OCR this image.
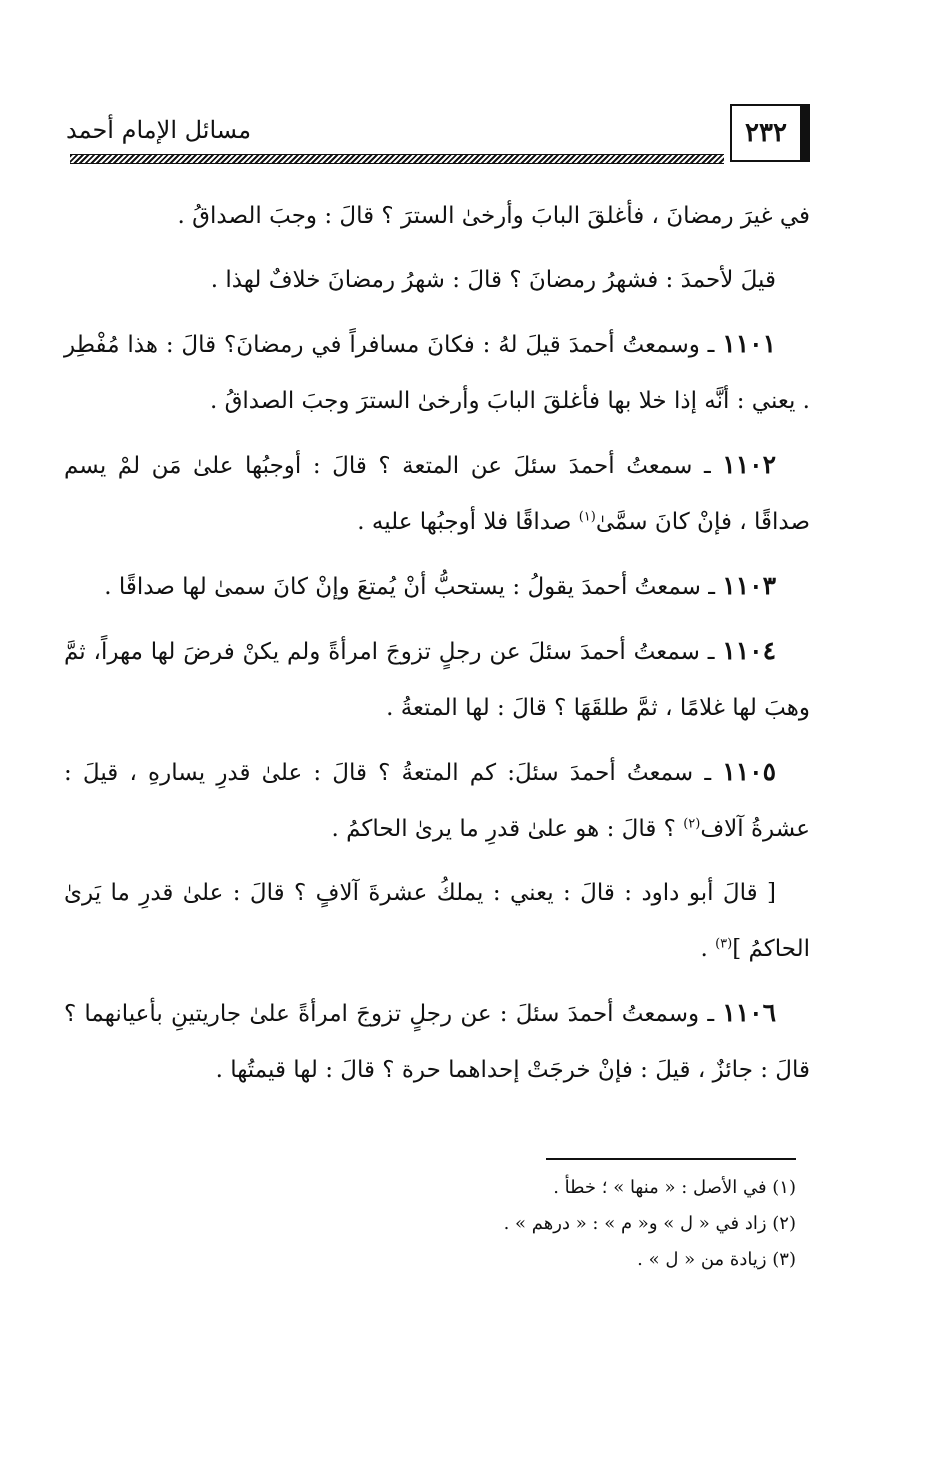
٢٣٢
مسائل الإمام أحمد

في غيرَ رمضانَ ، فأغلقَ البابَ وأرخىٰ السترَ ؟ قالَ : وجبَ الصداقُ .

قيلَ لأحمدَ : فشهرُ رمضانَ ؟ قالَ : شهرُ رمضانَ خلافٌ لهذا .

١١٠١ ـ وسمعتُ أحمدَ قيلَ لهُ : فكانَ مسافراً في رمضانَ؟ قالَ : هذا مُفْطِر . يعني : أنَّه إذا خلا بها فأغلقَ البابَ وأرخىٰ السترَ وجبَ الصداقُ .

١١٠٢ ـ سمعتُ أحمدَ سئلَ عن المتعة ؟ قالَ : أوجبُها علىٰ مَن لمْ يسم صداقًا ، فإنْ كانَ سمَّىٰ$^{(١)}$ صداقًا فلا أوجبُها عليه .

١١٠٣ ـ سمعتُ أحمدَ يقولُ : يستحبُّ أنْ يُمتعَ وإنْ كانَ سمىٰ لها صداقًا .

١١٠٤ ـ سمعتُ أحمدَ سئلَ عن رجلٍ تزوجَ امرأةً ولم يكنْ فرضَ لها مهراً، ثمَّ وهبَ لها غلامًا ، ثمَّ طلقَهَا ؟ قالَ : لها المتعةُ .

١١٠٥ ـ سمعتُ أحمدَ سئلَ: كم المتعةُ ؟ قالَ : علىٰ قدرِ يسارهِ ، قيلَ : عشرةُ آلاف$^{(٢)}$ ؟ قالَ : هو علىٰ قدرِ ما يرىٰ الحاكمُ .

[ قالَ أبو داود : قالَ : يعني : يملكُ عشرةَ آلافٍ ؟ قالَ : علىٰ قدرِ ما يَرىٰ الحاكمُ ]$^{(٣)}$ .

١١٠٦ ـ وسمعتُ أحمدَ سئلَ : عن رجلٍ تزوجَ امرأةً علىٰ جاريتينِ بأعيانهما ؟ قالَ : جائزٌ ، قيلَ : فإنْ خرجَتْ إحداهما حرة ؟ قالَ : لها قيمتُها .

(١) في الأصل : « منها » ؛ خطأ .

(٢) زاد في « ل » و« م » : « درهم » .

(٣) زيادة من « ل » .
